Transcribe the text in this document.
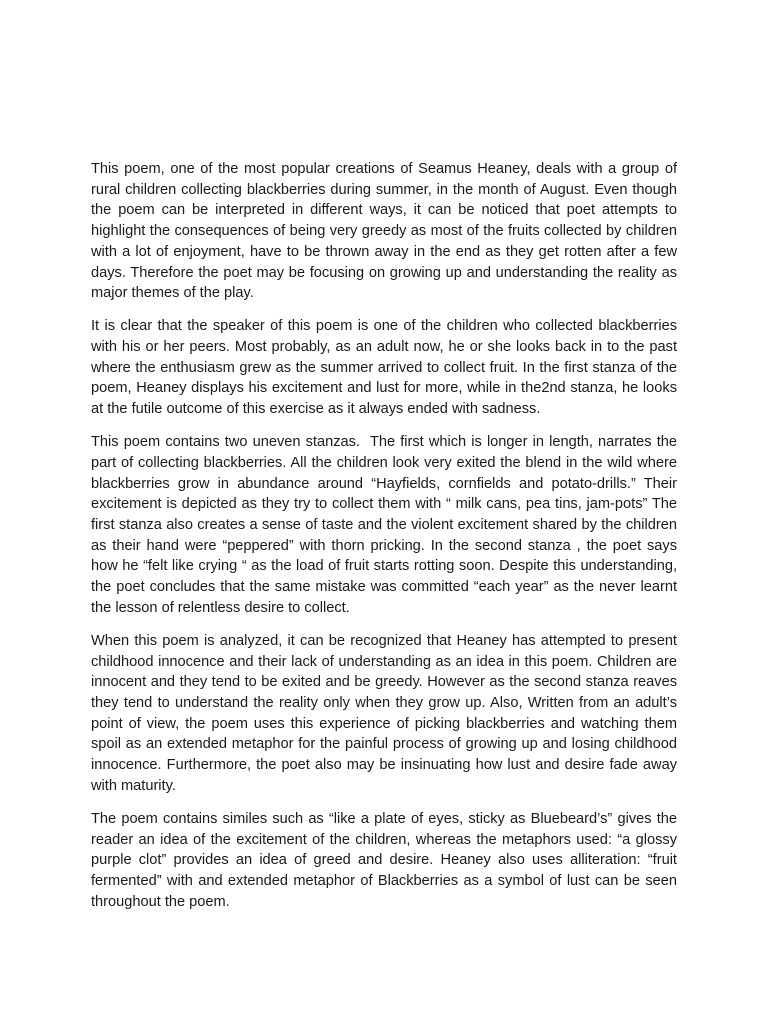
This poem, one of the most popular creations of Seamus Heaney, deals with a group of rural children collecting blackberries during summer, in the month of August. Even though the poem can be interpreted in different ways, it can be noticed that poet attempts to highlight the consequences of being very greedy as most of the fruits collected by children with a lot of enjoyment, have to be thrown away in the end as they get rotten after a few days. Therefore the poet may be focusing on growing up and understanding the reality as major themes of the play.

It is clear that the speaker of this poem is one of the children who collected blackberries with his or her peers. Most probably, as an adult now, he or she looks back in to the past where the enthusiasm grew as the summer arrived to collect fruit. In the first stanza of the poem, Heaney displays his excitement and lust for more, while in the2nd stanza, he looks at the futile outcome of this exercise as it always ended with sadness.

This poem contains two uneven stanzas.  The first which is longer in length, narrates the part of collecting blackberries. All the children look very exited the blend in the wild where blackberries grow in abundance around “Hayfields, cornfields and potato-drills.” Their excitement is depicted as they try to collect them with “ milk cans, pea tins, jam-pots” The first stanza also creates a sense of taste and the violent excitement shared by the children as their hand were “peppered” with thorn pricking. In the second stanza , the poet says how he “felt like crying “ as the load of fruit starts rotting soon. Despite this understanding, the poet concludes that the same mistake was committed “each year” as the never learnt the lesson of relentless desire to collect.

When this poem is analyzed, it can be recognized that Heaney has attempted to present childhood innocence and their lack of understanding as an idea in this poem. Children are innocent and they tend to be exited and be greedy. However as the second stanza reaves they tend to understand the reality only when they grow up. Also, Written from an adult’s point of view, the poem uses this experience of picking blackberries and watching them spoil as an extended metaphor for the painful process of growing up and losing childhood innocence. Furthermore, the poet also may be insinuating how lust and desire fade away with maturity.

The poem contains similes such as “like a plate of eyes, sticky as Bluebeard’s” gives the reader an idea of the excitement of the children, whereas the metaphors used: “a glossy purple clot” provides an idea of greed and desire. Heaney also uses alliteration: “fruit fermented” with and extended metaphor of Blackberries as a symbol of lust can be seen throughout the poem.
